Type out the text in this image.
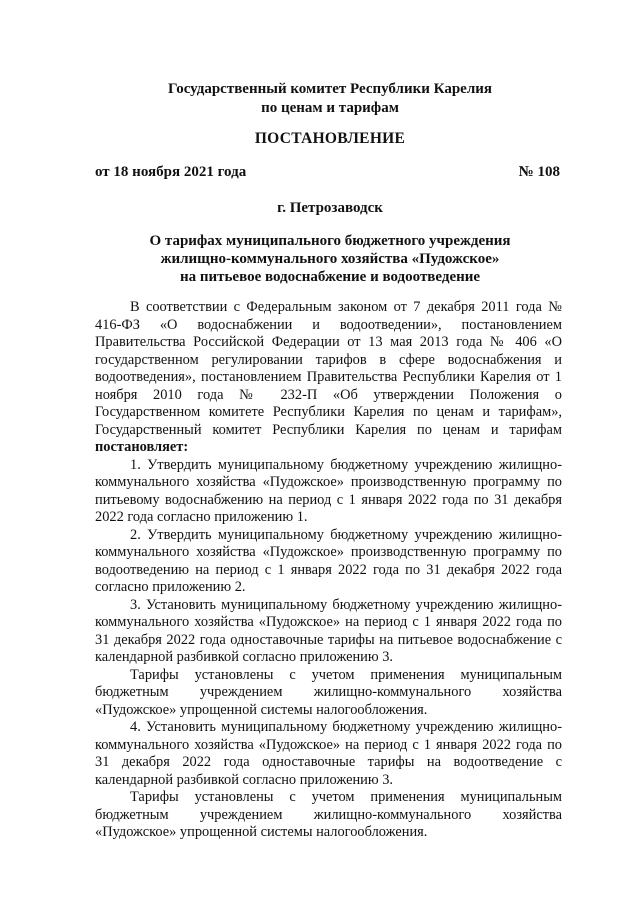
Государственный комитет Республики Карелия
по ценам и тарифам
ПОСТАНОВЛЕНИЕ
от 18 ноября 2021 года	№ 108
г. Петрозаводск
О тарифах муниципального бюджетного учреждения
жилищно-коммунального хозяйства «Пудожское»
на питьевое водоснабжение и водоотведение

В соответствии с Федеральным законом от 7 декабря 2011 года № 416-ФЗ «О водоснабжении и водоотведении», постановлением Правительства Российской Федерации от 13 мая 2013 года № 406 «О государственном регулировании тарифов в сфере водоснабжения и водоотведения», постановлением Правительства Республики Карелия от 1 ноября 2010 года № 232-П «Об утверждении Положения о Государственном комитете Республики Карелия по ценам и тарифам», Государственный комитет Республики Карелия по ценам и тарифам постановляет:

1. Утвердить муниципальному бюджетному учреждению жилищно-коммунального хозяйства «Пудожское» производственную программу по питьевому водоснабжению на период с 1 января 2022 года по 31 декабря 2022 года согласно приложению 1.

2. Утвердить муниципальному бюджетному учреждению жилищно-коммунального хозяйства «Пудожское» производственную программу по водоотведению на период с 1 января 2022 года по 31 декабря 2022 года согласно приложению 2.

3. Установить муниципальному бюджетному учреждению жилищно-коммунального хозяйства «Пудожское» на период с 1 января 2022 года по 31 декабря 2022 года одноставочные тарифы на питьевое водоснабжение с календарной разбивкой согласно приложению 3.

Тарифы установлены с учетом применения муниципальным бюджетным учреждением жилищно-коммунального хозяйства «Пудожское» упрощенной системы налогообложения.

4. Установить муниципальному бюджетному учреждению жилищно-коммунального хозяйства «Пудожское» на период с 1 января 2022 года по 31 декабря 2022 года одноставочные тарифы на водоотведение с календарной разбивкой согласно приложению 3.

Тарифы установлены с учетом применения муниципальным бюджетным учреждением жилищно-коммунального хозяйства «Пудожское» упрощенной системы налогообложения.
